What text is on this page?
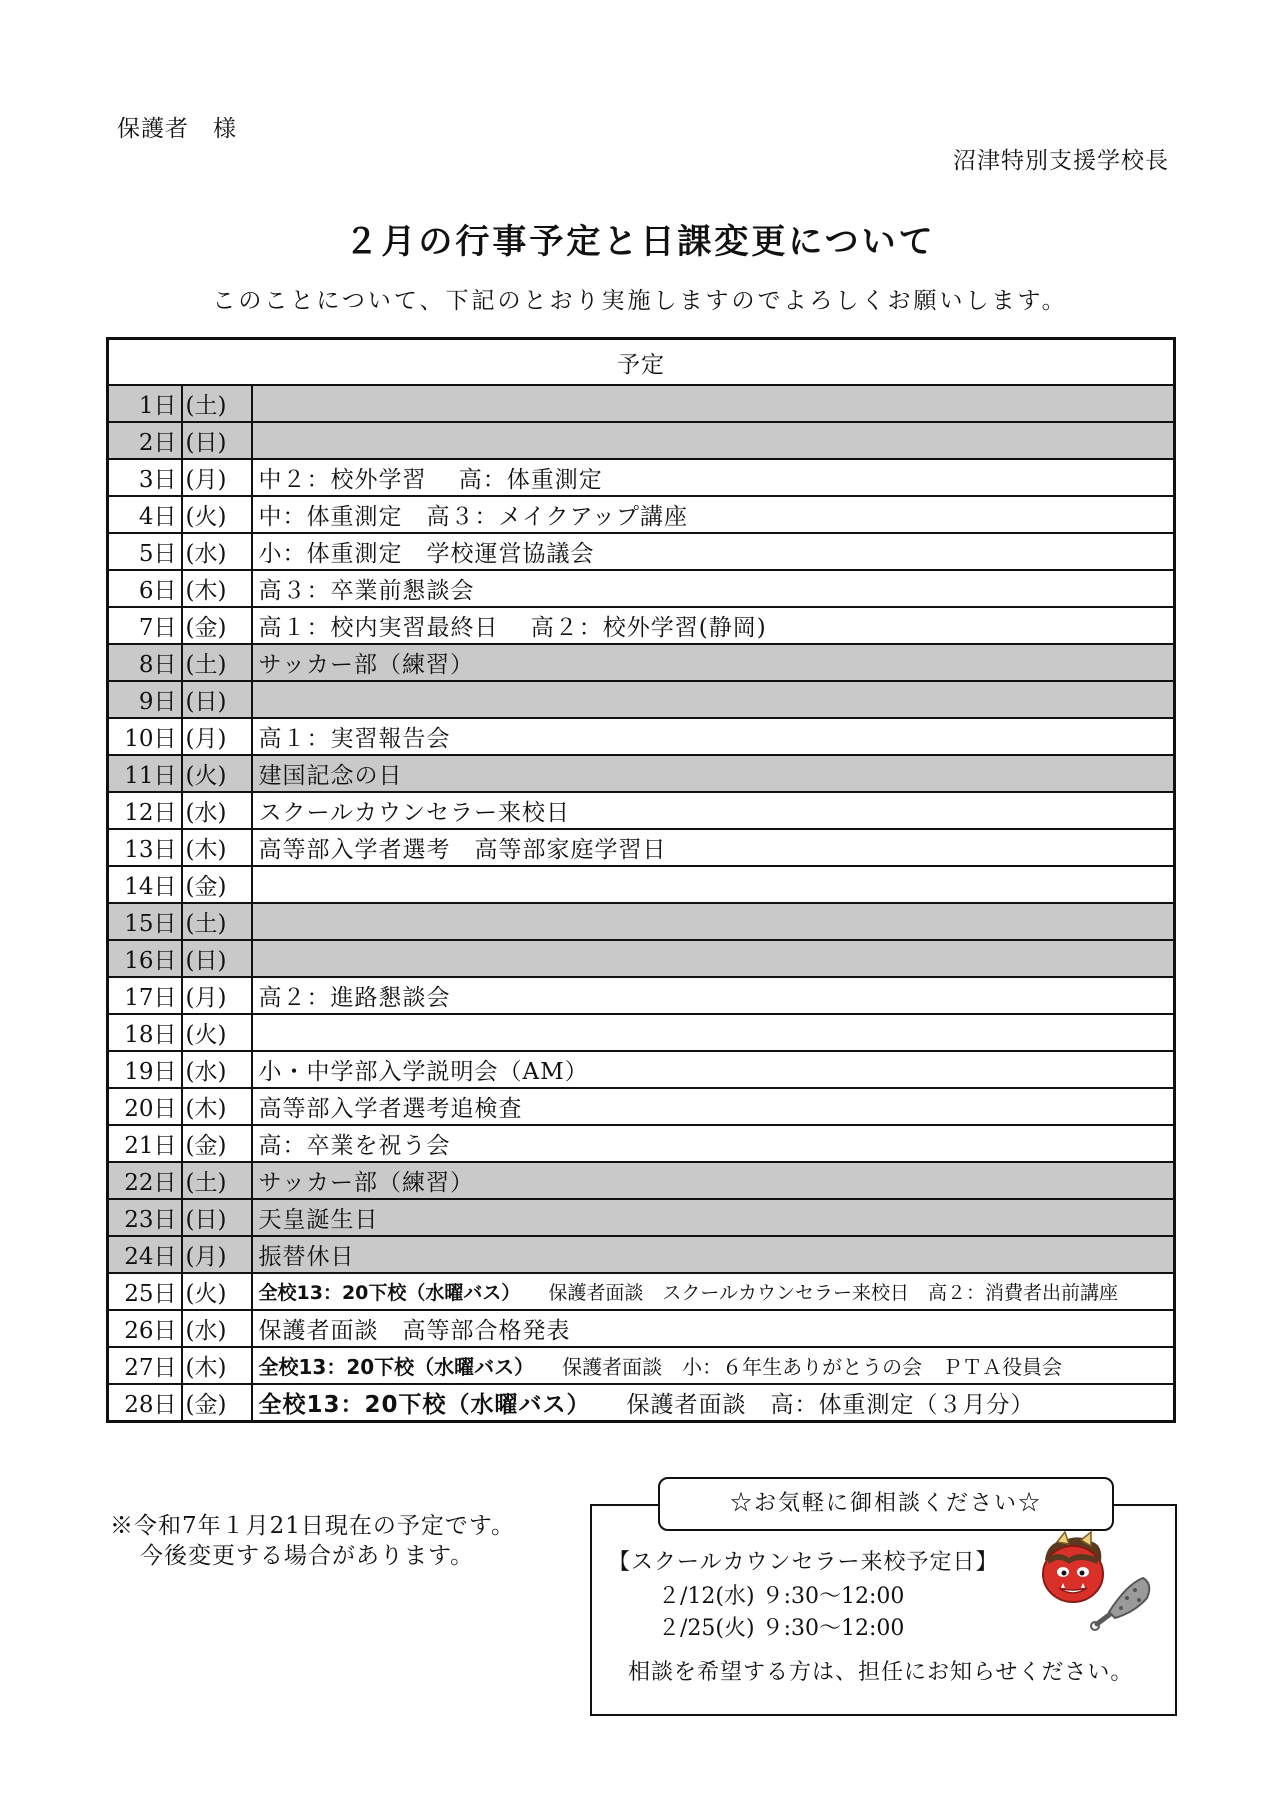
保護者　様
沼津特別支援学校長
２月の行事予定と日課変更について
このことについて、下記のとおり実施しますのでよろしくお願いします。
予定		
1日	(土)	
2日	(日)	
3日	(月)	中２：校外学習　 高：体重測定
4日	(火)	中：体重測定　高３：メイクアップ講座
5日	(水)	小：体重測定　学校運営協議会
6日	(木)	高３：卒業前懇談会
7日	(金)	高１：校内実習最終日　 高２：校外学習(静岡)
8日	(土)	サッカー部（練習）
9日	(日)	
10日	(月)	高１：実習報告会
11日	(火)	建国記念の日
12日	(水)	スクールカウンセラー来校日
13日	(木)	高等部入学者選考　高等部家庭学習日
14日	(金)	
15日	(土)	
16日	(日)	
17日	(月)	高２：進路懇談会
18日	(火)	
19日	(水)	小・中学部入学説明会（AM）
20日	(木)	高等部入学者選考追検査
21日	(金)	高：卒業を祝う会
22日	(土)	サッカー部（練習）
23日	(日)	天皇誕生日
24日	(月)	振替休日
25日	(火)	全校13：20下校（水曜バス） 保護者面談　スクールカウンセラー来校日　高２：消費者出前講座
26日	(水)	保護者面談　高等部合格発表
27日	(木)	全校13：20下校（水曜バス） 保護者面談　小：６年生ありがとうの会　ＰＴＡ役員会
28日	(金)	全校13：20下校（水曜バス） 保護者面談　高：体重測定（３月分）
※令和7年１月21日現在の予定です。
今後変更する場合があります。
☆お気軽に御相談ください☆
【スクールカウンセラー来校予定日】
２/12(水) ９:30～12:00
２/25(火) ９:30～12:00
相談を希望する方は、担任にお知らせください。
